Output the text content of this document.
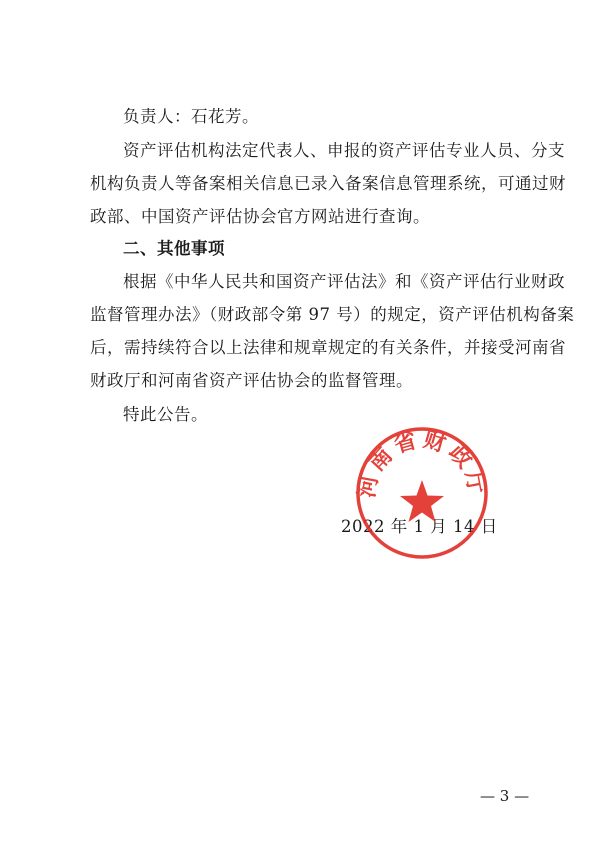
负责人：石花芳。
资产评估机构法定代表人、申报的资产评估专业人员、分支
机构负责人等备案相关信息已录入备案信息管理系统，可通过财
政部、中国资产评估协会官方网站进行查询。
二、其他事项
根据《中华人民共和国资产评估法》和《资产评估行业财政
监督管理办法》（财政部令第 97 号）的规定，资产评估机构备案
后，需持续符合以上法律和规章规定的有关条件，并接受河南省
财政厅和河南省资产评估协会的监督管理。
特此公告。
2022 年 1 月 14 日
河南省财政厅
— 3 —
